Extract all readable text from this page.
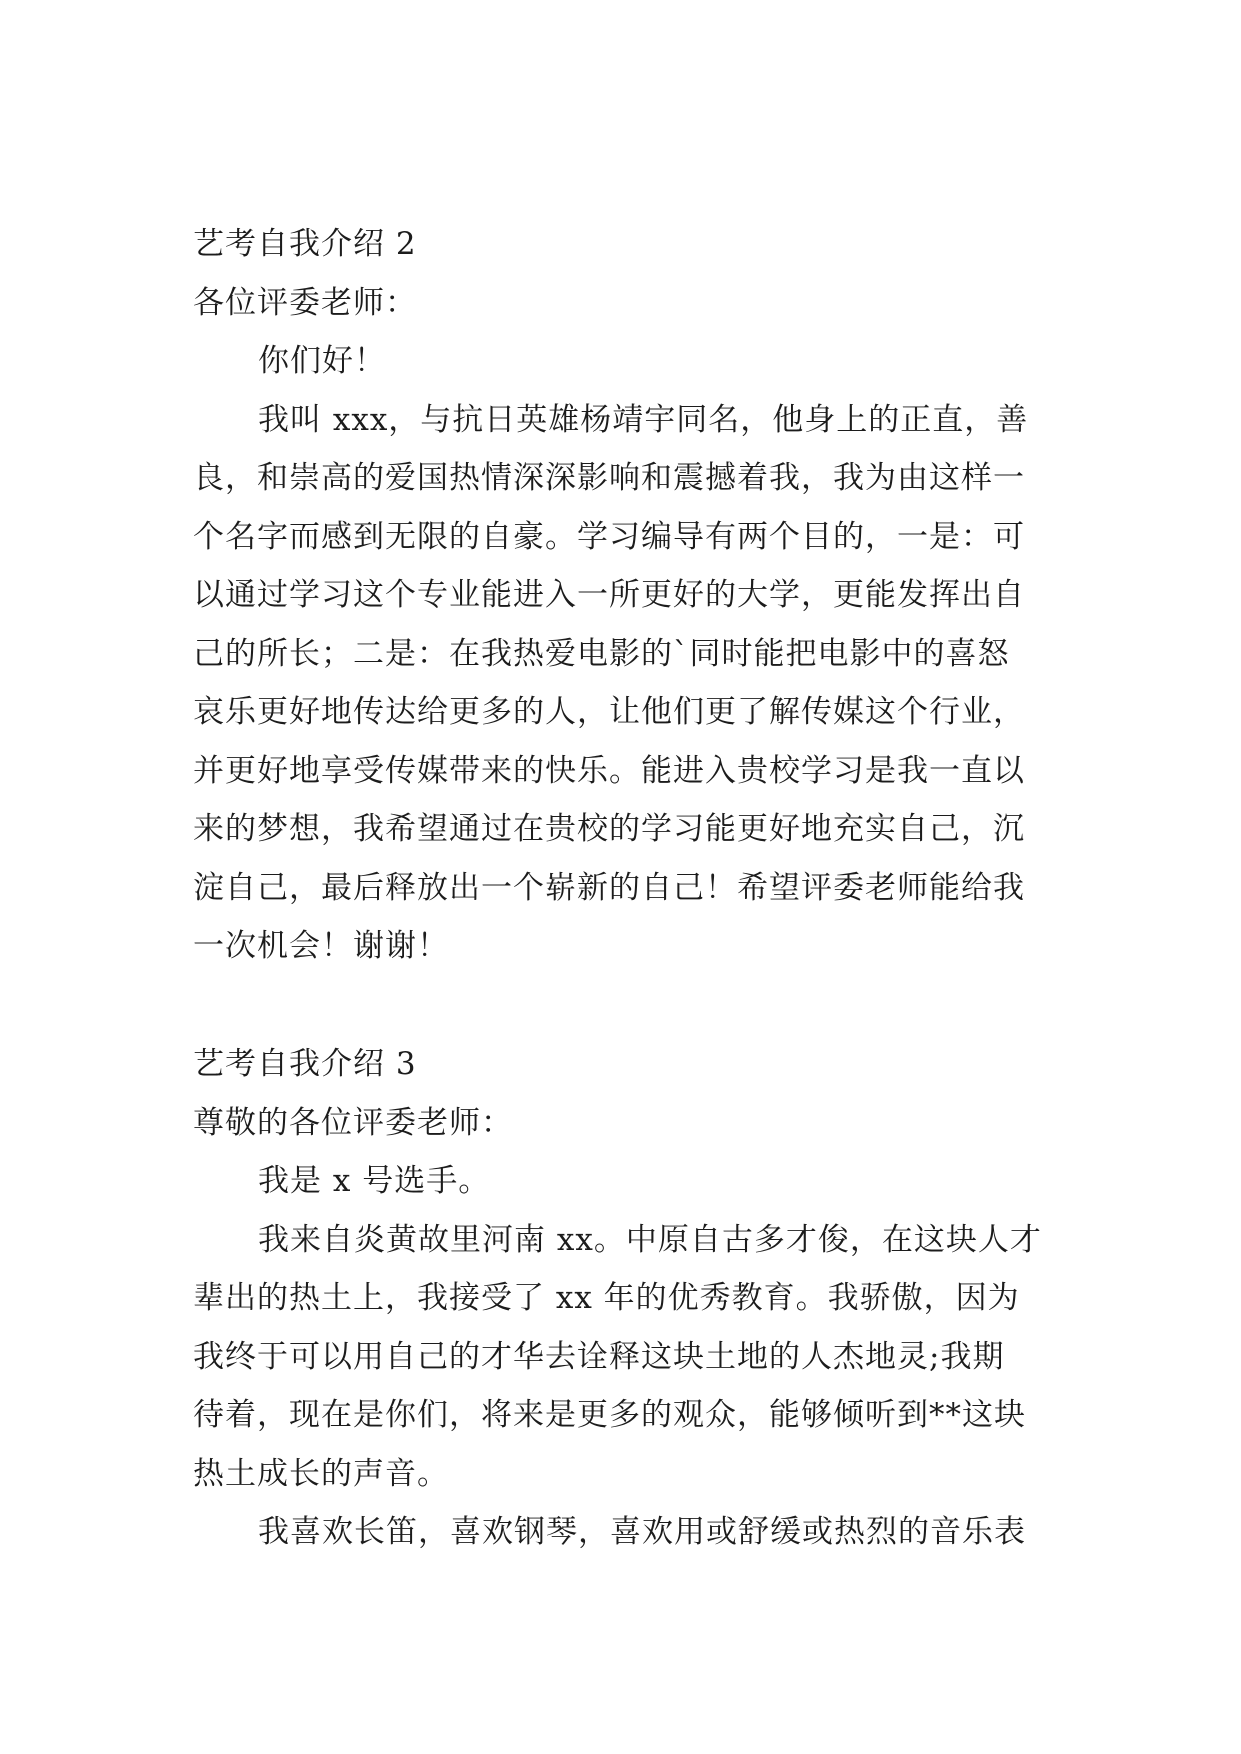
艺考自我介绍 2
各位评委老师：
你们好！
我叫 xxx，与抗日英雄杨靖宇同名，他身上的正直，善
良，和崇高的爱国热情深深影响和震撼着我，我为由这样一
个名字而感到无限的自豪。学习编导有两个目的，一是：可
以通过学习这个专业能进入一所更好的大学，更能发挥出自
己的所长；二是：在我热爱电影的`同时能把电影中的喜怒
哀乐更好地传达给更多的人，让他们更了解传媒这个行业，
并更好地享受传媒带来的快乐。能进入贵校学习是我一直以
来的梦想，我希望通过在贵校的学习能更好地充实自己，沉
淀自己，最后释放出一个崭新的自己！希望评委老师能给我
一次机会！谢谢！
艺考自我介绍 3
尊敬的各位评委老师：
我是 x 号选手。
我来自炎黄故里河南 xx。中原自古多才俊，在这块人才
辈出的热土上，我接受了 xx 年的优秀教育。我骄傲，因为
我终于可以用自己的才华去诠释这块土地的人杰地灵;我期
待着，现在是你们，将来是更多的观众，能够倾听到**这块
热土成长的声音。
我喜欢长笛，喜欢钢琴，喜欢用或舒缓或热烈的音乐表
